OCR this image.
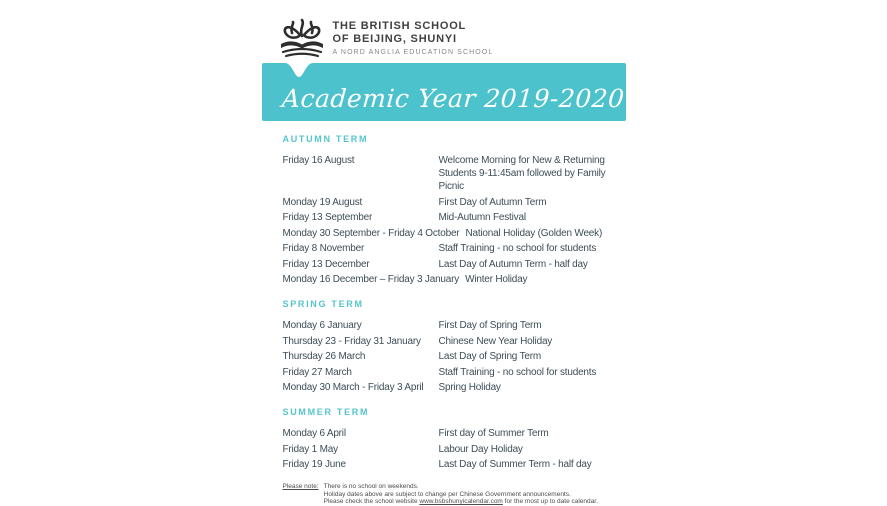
THE BRITISH SCHOOL
OF BEIJING, SHUNYI
A NORD ANGLIA EDUCATION SCHOOL
Academic Year 2019-2020
AUTUMN TERM
Friday 16 August	Welcome Morning for New & Returning Students 9-11:45am followed by Family Picnic
Monday 19 August	First Day of Autumn Term
Friday 13 September	Mid-Autumn Festival
Monday 30 September - Friday 4 October National Holiday (Golden Week)
Friday 8 November	Staff Training - no school for students
Friday 13 December	Last Day of Autumn Term - half day
Monday 16 December – Friday 3 January Winter Holiday
SPRING TERM
Monday 6 January	First Day of Spring Term
Thursday 23 - Friday 31 January	Chinese New Year Holiday
Thursday 26 March	Last Day of Spring Term
Friday 27 March	Staff Training - no school for students
Monday 30 March - Friday 3 April	Spring Holiday
SUMMER TERM
Monday 6 April	First day of Summer Term
Friday 1 May	Labour Day Holiday
Friday 19 June	Last Day of Summer Term - half day
Please note: There is no school on weekends.
Holiday dates above are subject to change per Chinese Government announcements.
Please check the school website www.bsbshunyicalendar.com for the most up to date calendar.
